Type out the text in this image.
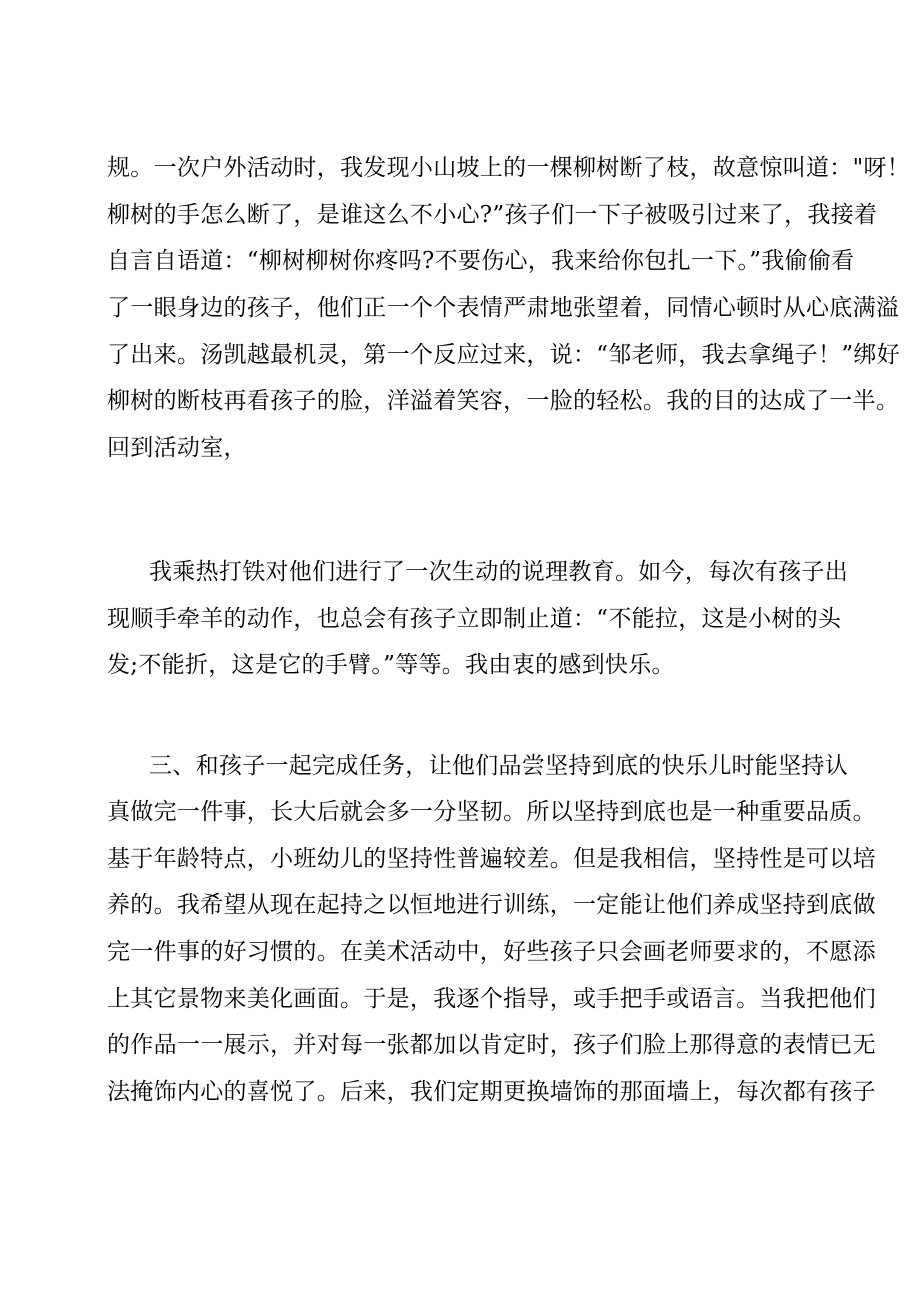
规。一次户外活动时，我发现小山坡上的一棵柳树断了枝，故意惊叫道："呀！
柳树的手怎么断了，是谁这么不小心?”孩子们一下子被吸引过来了，我接着
自言自语道：“柳树柳树你疼吗?不要伤心，我来给你包扎一下。”我偷偷看
了一眼身边的孩子，他们正一个个表情严肃地张望着，同情心顿时从心底满溢
了出来。汤凯越最机灵，第一个反应过来，说：“邹老师，我去拿绳子！”绑好
柳树的断枝再看孩子的脸，洋溢着笑容，一脸的轻松。我的目的达成了一半。
回到活动室，
我乘热打铁对他们进行了一次生动的说理教育。如今，每次有孩子出
现顺手牵羊的动作，也总会有孩子立即制止道：“不能拉，这是小树的头
发;不能折，这是它的手臂。”等等。我由衷的感到快乐。
三、和孩子一起完成任务，让他们品尝坚持到底的快乐儿时能坚持认
真做完一件事，长大后就会多一分坚韧。所以坚持到底也是一种重要品质。
基于年龄特点，小班幼儿的坚持性普遍较差。但是我相信，坚持性是可以培
养的。我希望从现在起持之以恒地进行训练，一定能让他们养成坚持到底做
完一件事的好习惯的。在美术活动中，好些孩子只会画老师要求的，不愿添
上其它景物来美化画面。于是，我逐个指导，或手把手或语言。当我把他们
的作品一一展示，并对每一张都加以肯定时，孩子们脸上那得意的表情已无
法掩饰内心的喜悦了。后来，我们定期更换墙饰的那面墙上，每次都有孩子
